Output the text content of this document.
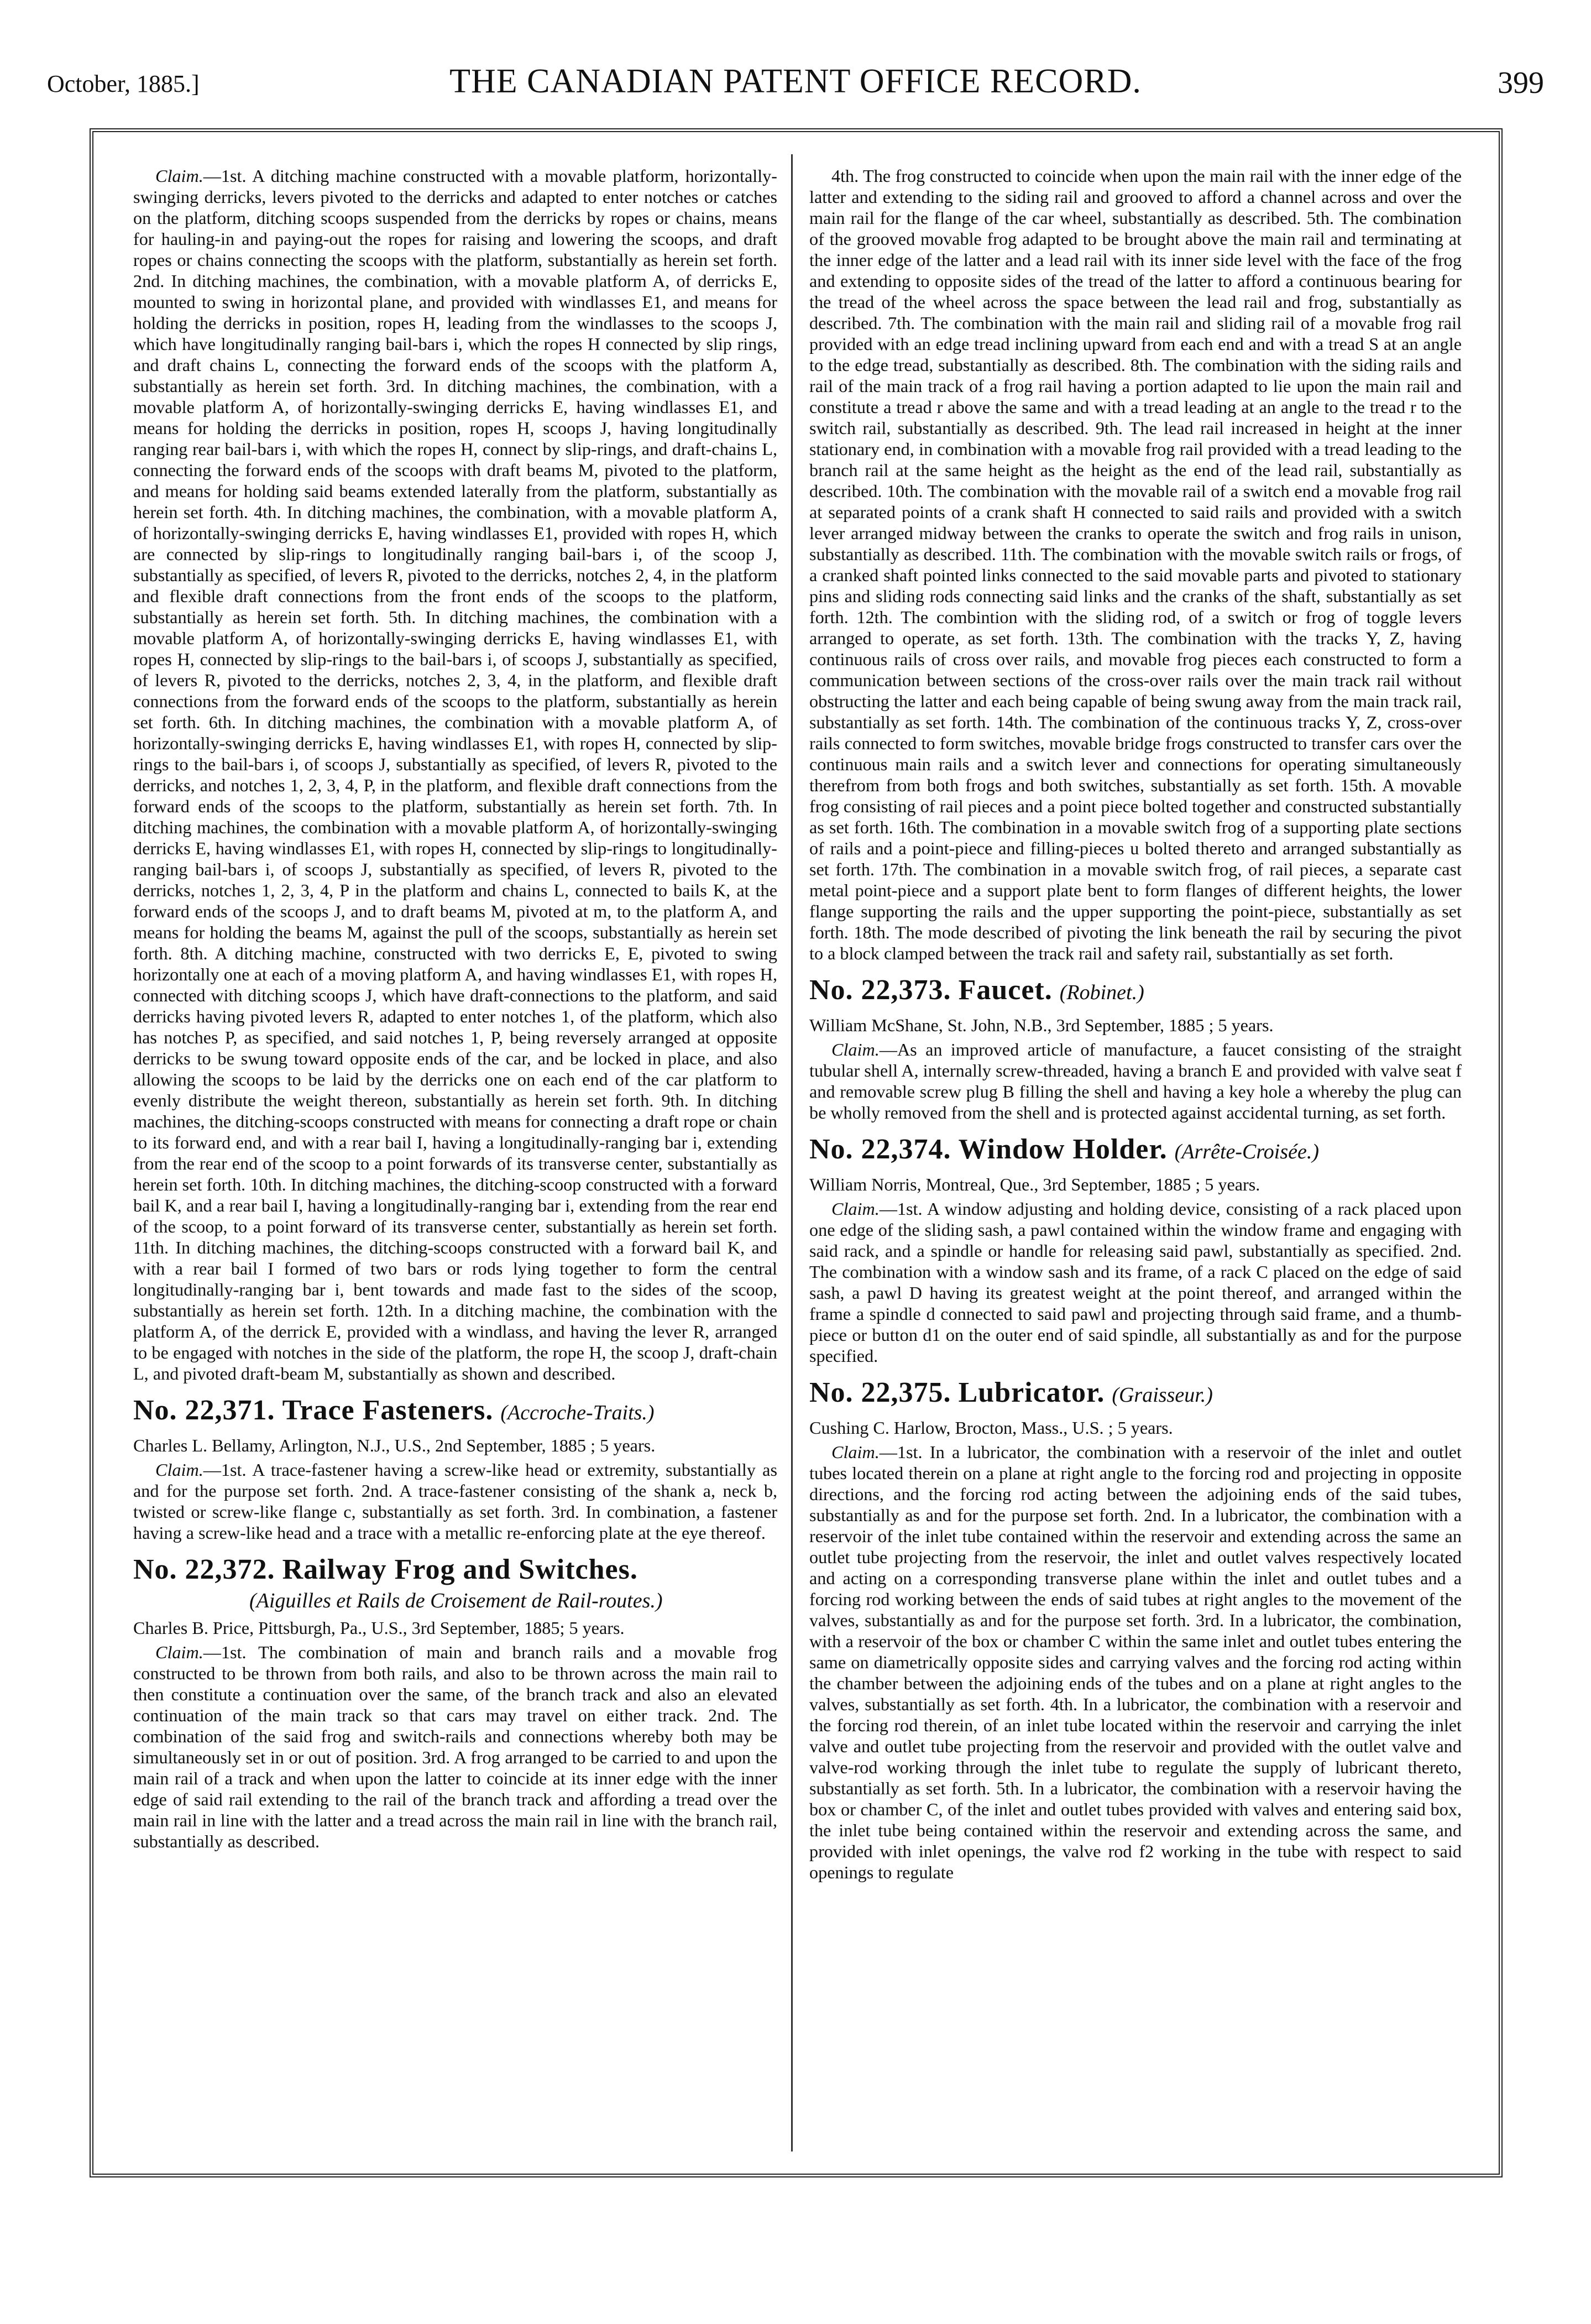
October, 1885.]	THE CANADIAN PATENT OFFICE RECORD.	399

Claim.—1st. A ditching machine constructed with a movable platform, horizontally-swinging derricks, levers pivoted to the derricks and adapted to enter notches or catches on the platform, ditching scoops suspended from the derricks by ropes or chains, means for hauling-in and paying-out the ropes for raising and lowering the scoops, and draft ropes or chains connecting the scoops with the platform, substantially as herein set forth. 2nd. In ditching machines, the combination, with a movable platform A, of derricks E, mounted to swing in horizontal plane, and provided with windlasses E1, and means for holding the derricks in position, ropes H, leading from the windlasses to the scoops J, which have longitudinally ranging bail-bars i, which the ropes H connected by slip rings, and draft chains L, connecting the forward ends of the scoops with the platform A, substantially as herein set forth. 3rd. In ditching machines, the combination, with a movable platform A, of horizontally-swinging derricks E, having windlasses E1, and means for holding the derricks in position, ropes H, scoops J, having longitudinally ranging rear bail-bars i, with which the ropes H, connect by slip-rings, and draft-chains L, connecting the forward ends of the scoops with draft beams M, pivoted to the platform, and means for holding said beams extended laterally from the platform, substantially as herein set forth. 4th. In ditching machines, the combination, with a movable platform A, of horizontally-swinging derricks E, having windlasses E1, provided with ropes H, which are connected by slip-rings to longitudinally ranging bail-bars i, of the scoop J, substantially as specified, of levers R, pivoted to the derricks, notches 2, 4, in the platform and flexible draft connections from the front ends of the scoops to the platform, substantially as herein set forth. 5th. In ditching machines, the combination with a movable platform A, of horizontally-swinging derricks E, having windlasses E1, with ropes H, connected by slip-rings to the bail-bars i, of scoops J, substantially as specified, of levers R, pivoted to the derricks, notches 2, 3, 4, in the platform, and flexible draft connections from the forward ends of the scoops to the platform, substantially as herein set forth. 6th. In ditching machines, the combination with a movable platform A, of horizontally-swinging derricks E, having windlasses E1, with ropes H, connected by slip-rings to the bail-bars i, of scoops J, substantially as specified, of levers R, pivoted to the derricks, and notches 1, 2, 3, 4, P, in the platform, and flexible draft connections from the forward ends of the scoops to the platform, substantially as herein set forth. 7th. In ditching machines, the combination with a movable platform A, of horizontally-swinging derricks E, having windlasses E1, with ropes H, connected by slip-rings to longitudinally-ranging bail-bars i, of scoops J, substantially as specified, of levers R, pivoted to the derricks, notches 1, 2, 3, 4, P in the platform and chains L, connected to bails K, at the forward ends of the scoops J, and to draft beams M, pivoted at m, to the platform A, and means for holding the beams M, against the pull of the scoops, substantially as herein set forth. 8th. A ditching machine, constructed with two derricks E, E, pivoted to swing horizontally one at each of a moving platform A, and having windlasses E1, with ropes H, connected with ditching scoops J, which have draft-connections to the platform, and said derricks having pivoted levers R, adapted to enter notches 1, of the platform, which also has notches P, as specified, and said notches 1, P, being reversely arranged at opposite derricks to be swung toward opposite ends of the car, and be locked in place, and also allowing the scoops to be laid by the derricks one on each end of the car platform to evenly distribute the weight thereon, substantially as herein set forth. 9th. In ditching machines, the ditching-scoops constructed with means for connecting a draft rope or chain to its forward end, and with a rear bail I, having a longitudinally-ranging bar i, extending from the rear end of the scoop to a point forwards of its transverse center, substantially as herein set forth. 10th. In ditching machines, the ditching-scoop constructed with a forward bail K, and a rear bail I, having a longitudinally-ranging bar i, extending from the rear end of the scoop, to a point forward of its transverse center, substantially as herein set forth. 11th. In ditching machines, the ditching-scoops constructed with a forward bail K, and with a rear bail I formed of two bars or rods lying together to form the central longitudinally-ranging bar i, bent towards and made fast to the sides of the scoop, substantially as herein set forth. 12th. In a ditching machine, the combination with the platform A, of the derrick E, provided with a windlass, and having the lever R, arranged to be engaged with notches in the side of the platform, the rope H, the scoop J, draft-chain L, and pivoted draft-beam M, substantially as shown and described.

No. 22,371. Trace Fasteners. (Accroche-Traits.)

Charles L. Bellamy, Arlington, N.J., U.S., 2nd September, 1885 ; 5 years.

Claim.—1st. A trace-fastener having a screw-like head or extremity, substantially as and for the purpose set forth. 2nd. A trace-fastener consisting of the shank a, neck b, twisted or screw-like flange c, substantially as set forth. 3rd. In combination, a fastener having a screw-like head and a trace with a metallic re-enforcing plate at the eye thereof.

No. 22,372. Railway Frog and Switches.
(Aiguilles et Rails de Croisement de Rail-routes.)

Charles B. Price, Pittsburgh, Pa., U.S., 3rd September, 1885; 5 years.

Claim.—1st. The combination of main and branch rails and a movable frog constructed to be thrown from both rails, and also to be thrown across the main rail to then constitute a continuation over the same, of the branch track and also an elevated continuation of the main track so that cars may travel on either track. 2nd. The combination of the said frog and switch-rails and connections whereby both may be simultaneously set in or out of position. 3rd. A frog arranged to be carried to and upon the main rail of a track and when upon the latter to coincide at its inner edge with the inner edge of said rail extending to the rail of the branch track and affording a tread over the main rail in line with the latter and a tread across the main rail in line with the branch rail, substantially as described.

4th. The frog constructed to coincide when upon the main rail with the inner edge of the latter and extending to the siding rail and grooved to afford a channel across and over the main rail for the flange of the car wheel, substantially as described. 5th. The combination of the grooved movable frog adapted to be brought above the main rail and terminating at the inner edge of the latter and a lead rail with its inner side level with the face of the frog and extending to opposite sides of the tread of the latter to afford a continuous bearing for the tread of the wheel across the space between the lead rail and frog, substantially as described. 7th. The combination with the main rail and sliding rail of a movable frog rail provided with an edge tread inclining upward from each end and with a tread S at an angle to the edge tread, substantially as described. 8th. The combination with the siding rails and rail of the main track of a frog rail having a portion adapted to lie upon the main rail and constitute a tread r above the same and with a tread leading at an angle to the tread r to the switch rail, substantially as described. 9th. The lead rail increased in height at the inner stationary end, in combination with a movable frog rail provided with a tread leading to the branch rail at the same height as the height as the end of the lead rail, substantially as described. 10th. The combination with the movable rail of a switch end a movable frog rail at separated points of a crank shaft H connected to said rails and provided with a switch lever arranged midway between the cranks to operate the switch and frog rails in unison, substantially as described. 11th. The combination with the movable switch rails or frogs, of a cranked shaft pointed links connected to the said movable parts and pivoted to stationary pins and sliding rods connecting said links and the cranks of the shaft, substantially as set forth. 12th. The combintion with the sliding rod, of a switch or frog of toggle levers arranged to operate, as set forth. 13th. The combination with the tracks Y, Z, having continuous rails of cross over rails, and movable frog pieces each constructed to form a communication between sections of the cross-over rails over the main track rail without obstructing the latter and each being capable of being swung away from the main track rail, substantially as set forth. 14th. The combination of the continuous tracks Y, Z, cross-over rails connected to form switches, movable bridge frogs constructed to transfer cars over the continuous main rails and a switch lever and connections for operating simultaneously therefrom from both frogs and both switches, substantially as set forth. 15th. A movable frog consisting of rail pieces and a point piece bolted together and constructed substantially as set forth. 16th. The combination in a movable switch frog of a supporting plate sections of rails and a point-piece and filling-pieces u bolted thereto and arranged substantially as set forth. 17th. The combination in a movable switch frog, of rail pieces, a separate cast metal point-piece and a support plate bent to form flanges of different heights, the lower flange supporting the rails and the upper supporting the point-piece, substantially as set forth. 18th. The mode described of pivoting the link beneath the rail by securing the pivot to a block clamped between the track rail and safety rail, substantially as set forth.

No. 22,373. Faucet. (Robinet.)

William McShane, St. John, N.B., 3rd September, 1885 ; 5 years.

Claim.—As an improved article of manufacture, a faucet consisting of the straight tubular shell A, internally screw-threaded, having a branch E and provided with valve seat f and removable screw plug B filling the shell and having a key hole a whereby the plug can be wholly removed from the shell and is protected against accidental turning, as set forth.

No. 22,374. Window Holder. (Arrête-Croisée.)

William Norris, Montreal, Que., 3rd September, 1885 ; 5 years.

Claim.—1st. A window adjusting and holding device, consisting of a rack placed upon one edge of the sliding sash, a pawl contained within the window frame and engaging with said rack, and a spindle or handle for releasing said pawl, substantially as specified. 2nd. The combination with a window sash and its frame, of a rack C placed on the edge of said sash, a pawl D having its greatest weight at the point thereof, and arranged within the frame a spindle d connected to said pawl and projecting through said frame, and a thumb-piece or button d1 on the outer end of said spindle, all substantially as and for the purpose specified.

No. 22,375. Lubricator. (Graisseur.)

Cushing C. Harlow, Brocton, Mass., U.S. ; 5 years.

Claim.—1st. In a lubricator, the combination with a reservoir of the inlet and outlet tubes located therein on a plane at right angle to the forcing rod and projecting in opposite directions, and the forcing rod acting between the adjoining ends of the said tubes, substantially as and for the purpose set forth. 2nd. In a lubricator, the combination with a reservoir of the inlet tube contained within the reservoir and extending across the same an outlet tube projecting from the reservoir, the inlet and outlet valves respectively located and acting on a corresponding transverse plane within the inlet and outlet tubes and a forcing rod working between the ends of said tubes at right angles to the movement of the valves, substantially as and for the purpose set forth. 3rd. In a lubricator, the combination, with a reservoir of the box or chamber C within the same inlet and outlet tubes entering the same on diametrically opposite sides and carrying valves and the forcing rod acting within the chamber between the adjoining ends of the tubes and on a plane at right angles to the valves, substantially as set forth. 4th. In a lubricator, the combination with a reservoir and the forcing rod therein, of an inlet tube located within the reservoir and carrying the inlet valve and outlet tube projecting from the reservoir and provided with the outlet valve and valve-rod working through the inlet tube to regulate the supply of lubricant thereto, substantially as set forth. 5th. In a lubricator, the combination with a reservoir having the box or chamber C, of the inlet and outlet tubes provided with valves and entering said box, the inlet tube being contained within the reservoir and extending across the same, and provided with inlet openings, the valve rod f2 working in the tube with respect to said openings to regulate
